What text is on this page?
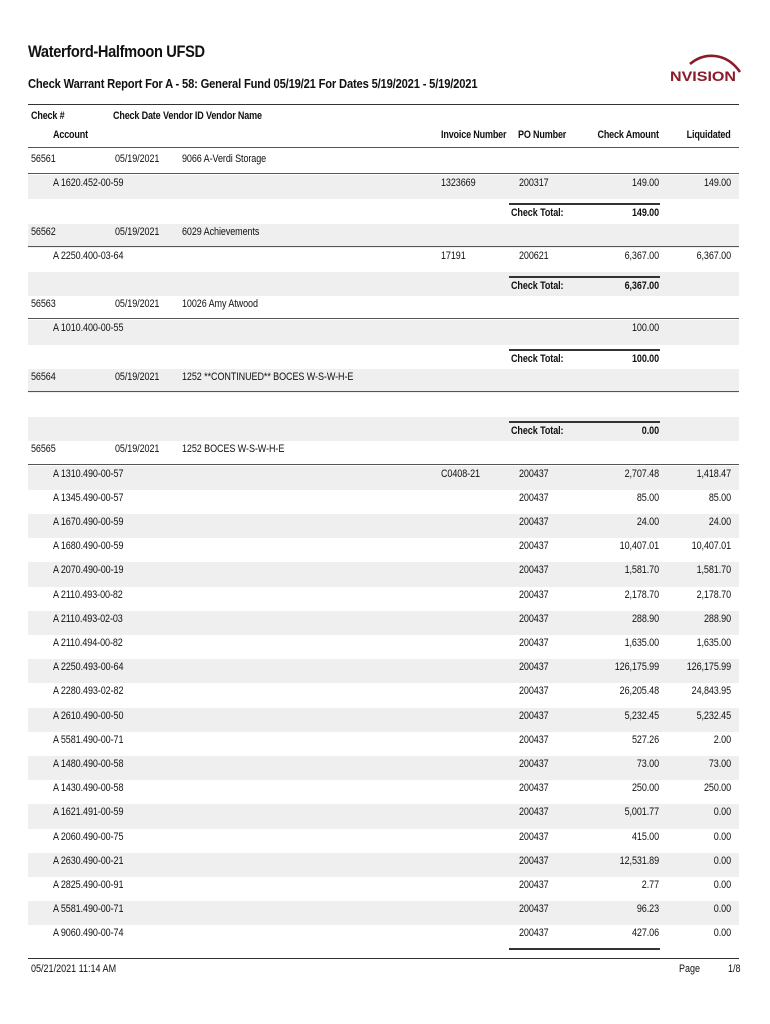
Waterford-Halfmoon UFSD
Check Warrant Report For A - 58: General Fund 05/19/21 For Dates 5/19/2021 - 5/19/2021	NVISION
Check #	Check Date Vendor ID Vendor Name
Account	Invoice Number PO Number	Check Amount	Liquidated
56561	05/19/2021 9066 A-Verdi Storage
A 1620.452-00-59	1323669	200317	149.00	149.00
Check Total:	149.00
56562	05/19/2021 6029 Achievements
A 2250.400-03-64	17191	200621	6,367.00	6,367.00
Check Total:	6,367.00
56563	05/19/2021 10026 Amy Atwood
A 1010.400-00-55	100.00
Check Total:	100.00
56564	05/19/2021 1252 **CONTINUED** BOCES W-S-W-H-E
Check Total:	0.00
56565	05/19/2021 1252 BOCES W-S-W-H-E
A 1310.490-00-57	C0408-21	200437	2,707.48	1,418.47
A 1345.490-00-57	200437	85.00	85.00
A 1670.490-00-59	200437	24.00	24.00
A 1680.490-00-59	200437	10,407.01	10,407.01
A 2070.490-00-19	200437	1,581.70	1,581.70
A 2110.493-00-82	200437	2,178.70	2,178.70
A 2110.493-02-03	200437	288.90	288.90
A 2110.494-00-82	200437	1,635.00	1,635.00
A 2250.493-00-64	200437	126,175.99	126,175.99
A 2280.493-02-82	200437	26,205.48	24,843.95
A 2610.490-00-50	200437	5,232.45	5,232.45
A 5581.490-00-71	200437	527.26	2.00
A 1480.490-00-58	200437	73.00	73.00
A 1430.490-00-58	200437	250.00	250.00
A 1621.491-00-59	200437	5,001.77	0.00
A 2060.490-00-75	200437	415.00	0.00
A 2630.490-00-21	200437	12,531.89	0.00
A 2825.490-00-91	200437	2.77	0.00
A 5581.490-00-71	200437	96.23	0.00
A 9060.490-00-74	200437	427.06	0.00
05/21/2021 11:14 AM	Page	1/8
